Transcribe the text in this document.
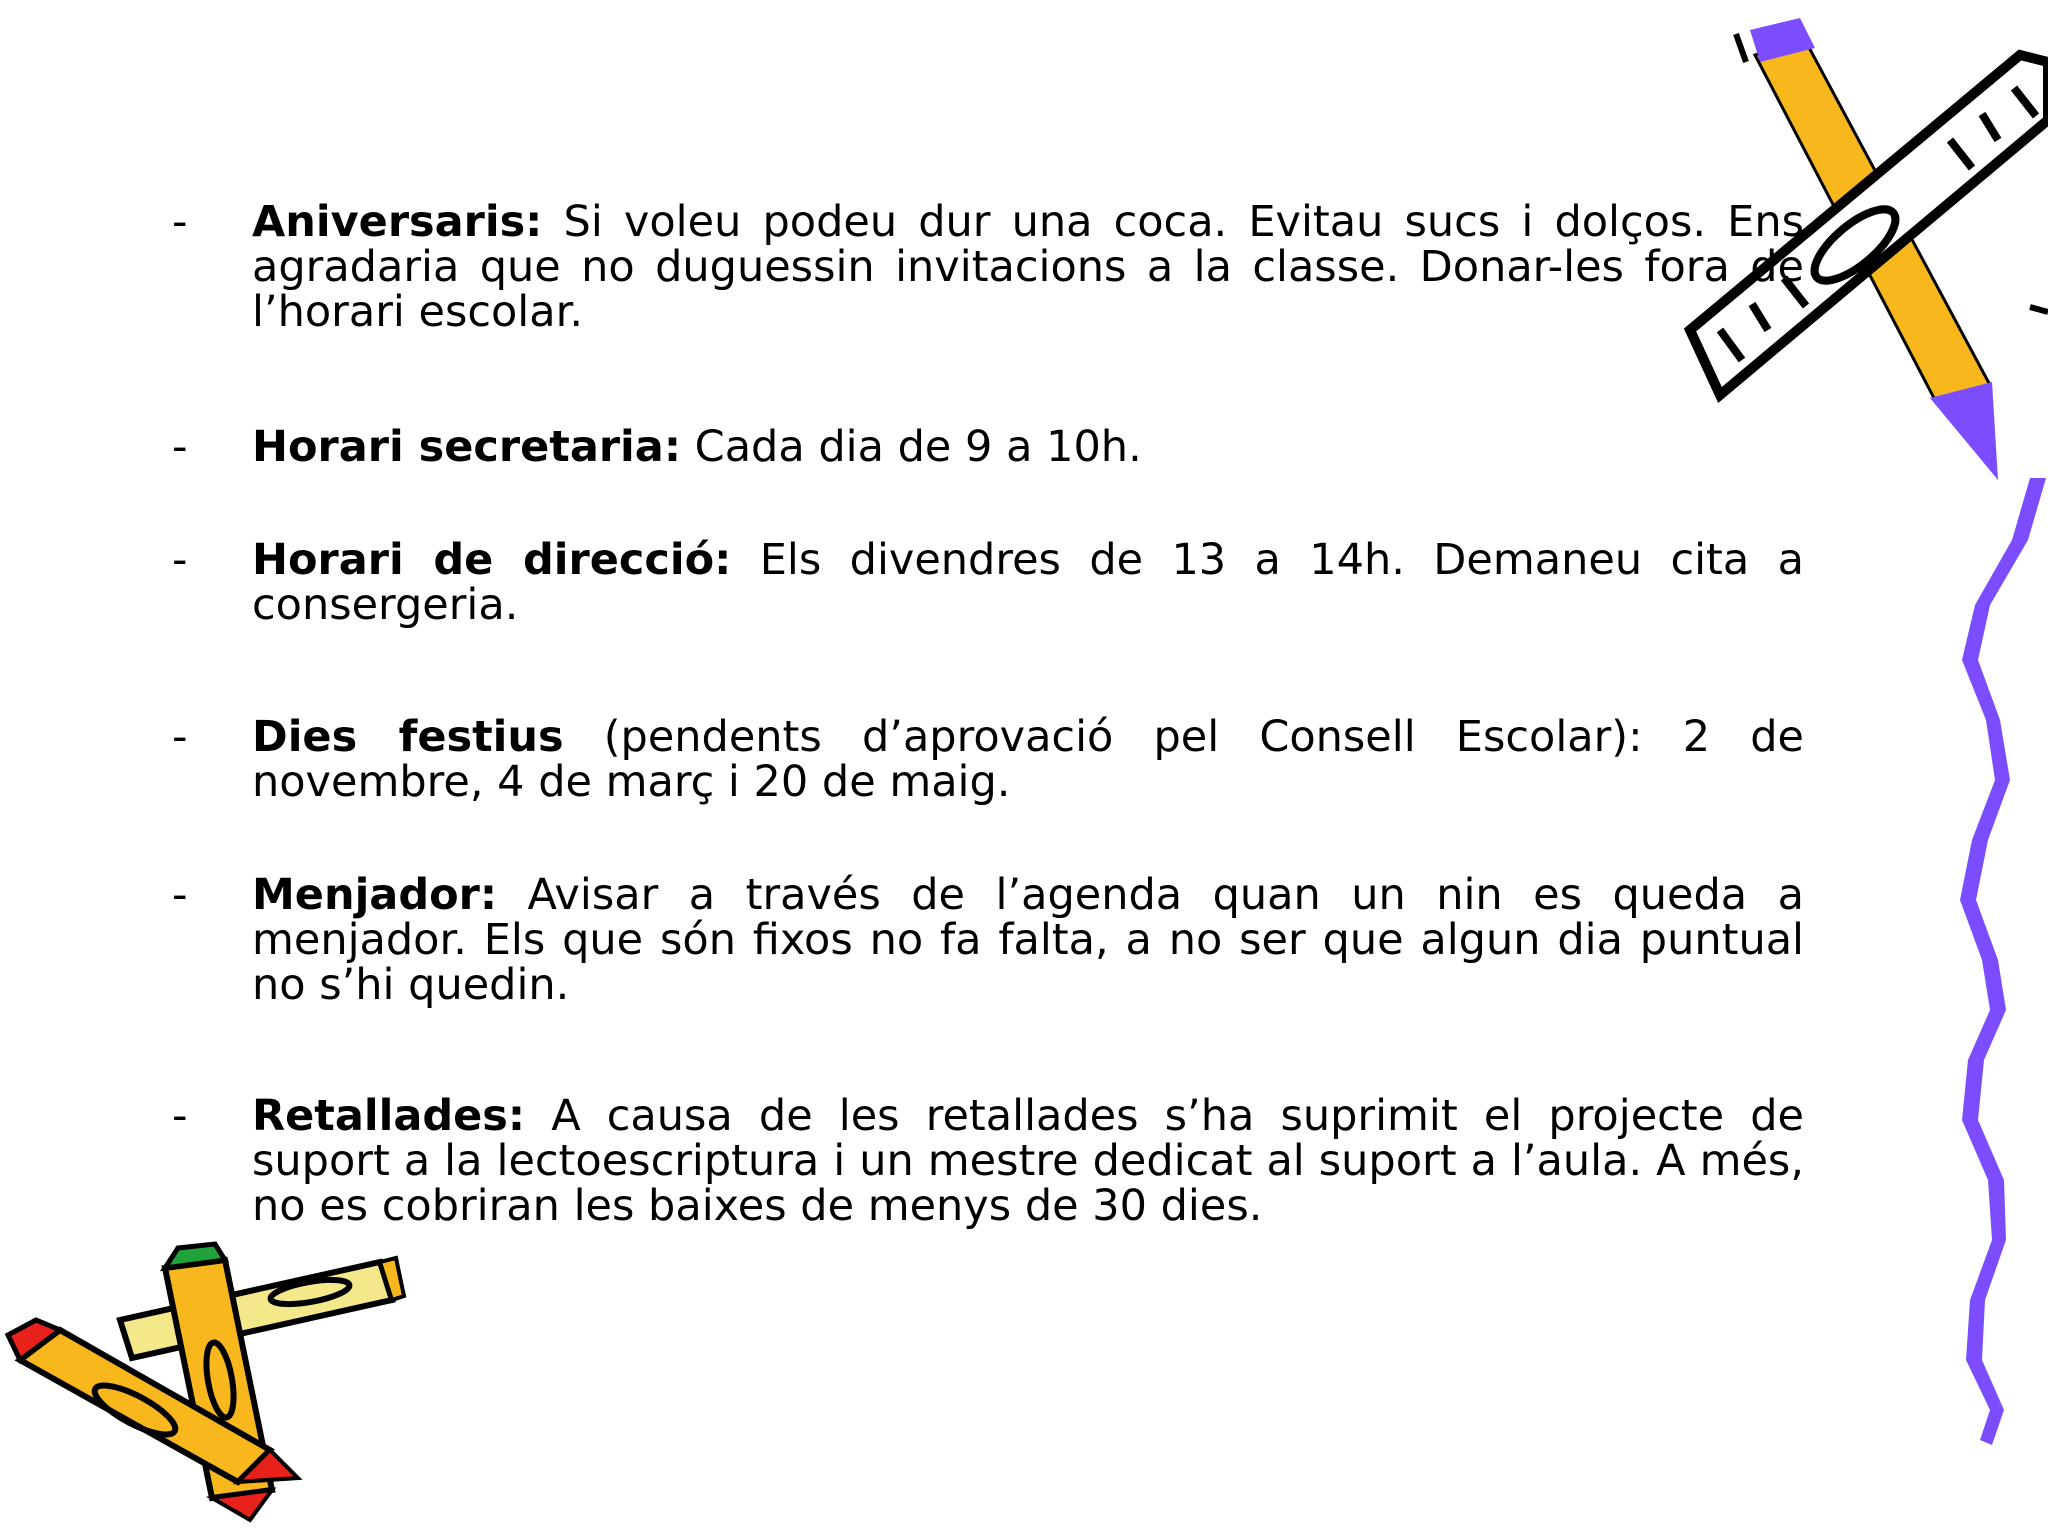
-	Aniversaris: Si voleu podeu dur una coca. Evitau sucs i dolços. Ens agradaria que no duguessin invitacions a la classe. Donar-les fora de l’horari escolar.
-	Horari secretaria: Cada dia de 9 a 10h.
-	Horari de direcció: Els divendres de 13 a 14h. Demaneu cita a consergeria.
-	Dies festius (pendents d’aprovació pel Consell Escolar): 2 de novembre, 4 de març i 20 de maig.
-	Menjador: Avisar a través de l’agenda quan un nin es queda a menjador. Els que són fixos no fa falta, a no ser que algun dia puntual no s’hi quedin.
-	Retallades: A causa de les retallades s’ha suprimit el projecte de suport a la lectoescriptura i un mestre dedicat al suport a l’aula. A més, no es cobriran les baixes de menys de 30 dies.
